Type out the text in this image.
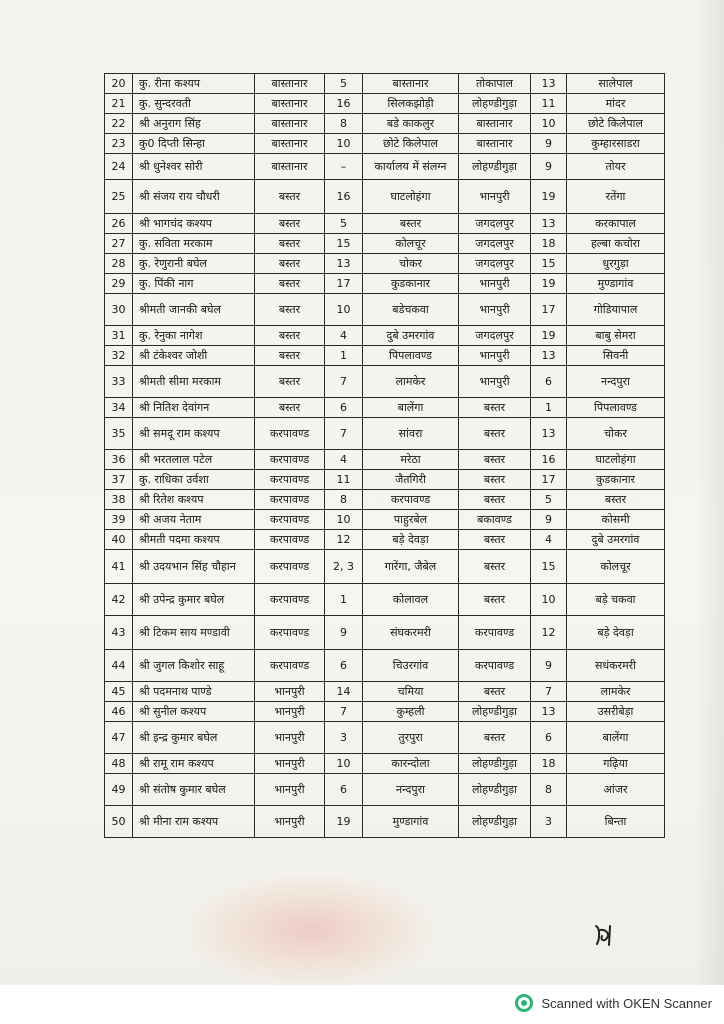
20	कु. रीना कश्यप	बास्तानार	5	बास्तानार	तोकापाल	13	सालेपाल
21	कु. सुन्दरवती	बास्तानार	16	सिलकझोड़ी	लोहण्डीगुड़ा	11	मांदर
22	श्री अनुराग सिंह	बास्तानार	8	बडे काकलुर	बास्तानार	10	छोटे किलेपाल
23	कु0 दिप्ती सिन्हा	बास्तानार	10	छोटे किलेपाल	बास्तानार	9	कुम्हारसाडरा
24	श्री धुनेश्वर सोरी	बास्तानार	–	कार्यालय में संलग्न	लोहण्डीगुड़ा	9	तोयर
25	श्री संजय राय चौधरी	बस्तर	16	घाटलोहंगा	भानपुरी	19	रतेंगा
26	श्री भागचंद कश्यप	बस्तर	5	बस्तर	जगदलपुर	13	करकापाल
27	कु. सविता मरकाम	बस्तर	15	कोलचूर	जगदलपुर	18	हल्बा कचोरा
28	कु. रेणुरानी बघेल	बस्तर	13	चोकर	जगदलपुर	15	धुरगुड़ा
29	कु. पिंकी नाग	बस्तर	17	कुडकानार	भानपुरी	19	मुण्डागांव
30	श्रीमती जानकी बघेल	बस्तर	10	बडेचकवा	भानपुरी	17	गोडियापाल
31	कु. रेनुका नागेश	बस्तर	4	दुबे उमरगांव	जगदलपुर	19	बाबु सेमरा
32	श्री टंकेश्वर जोशी	बस्तर	1	पिपलावण्ड	भानपुरी	13	सिवनी
33	श्रीमती सीमा मरकाम	बस्तर	7	लामकेर	भानपुरी	6	नन्दपुरा
34	श्री नितिश देवांगन	बस्तर	6	बालेंगा	बस्तर	1	पिपलावण्ड
35	श्री समदू राम कश्यप	करपावण्ड	7	सांवरा	बस्तर	13	चोकर
36	श्री भरतलाल पटेल	करपावण्ड	4	मरेठा	बस्तर	16	घाटलोहंगा
37	कु. राधिका उर्वशा	करपावण्ड	11	जैतगिरी	बस्तर	17	कुडकानार
38	श्री रितेश कश्यप	करपावण्ड	8	करपावण्ड	बस्तर	5	बस्तर
39	श्री अजय नेताम	करपावण्ड	10	पाहुरबेल	बकावण्ड	9	कोसमी
40	श्रीमती पदमा कश्यप	करपावण्ड	12	बड़े देवड़ा	बस्तर	4	दुबे उमरगांव
41	श्री उदयभान सिंह चौहान	करपावण्ड	2, 3	गारेंगा, जैबेल	बस्तर	15	कोलचूर
42	श्री उपेन्द्र कुमार बघेल	करपावण्ड	1	कोलावल	बस्तर	10	बड़े चकवा
43	श्री टिकम साय मण्डावी	करपावण्ड	9	संघकरमरी	करपावण्ड	12	बड़े देवड़ा
44	श्री जुगल किशोर साहू	करपावण्ड	6	चिउरगांव	करपावण्ड	9	सधंकरमरी
45	श्री पदमनाथ पाण्डे	भानपुरी	14	चमिया	बस्तर	7	लामकेर
46	श्री सुनील कश्यप	भानपुरी	7	कुम्हली	लोहण्डीगुड़ा	13	उसरीबेड़ा
47	श्री इन्द्र कुमार बघेल	भानपुरी	3	तुरपुरा	बस्तर	6	बालेंगा
48	श्री रामू राम कश्यप	भानपुरी	10	कारन्दोला	लोहण्डीगुड़ा	18	गढ़िया
49	श्री संतोष कुमार बघेल	भानपुरी	6	नन्दपुरा	लोहण्डीगुड़ा	8	आंजर
50	श्री मीना राम कश्यप	भानपुरी	19	मुण्डागांव	लोहण्डीगुड़ा	3	बिन्ता
Scanned with OKEN Scanner
